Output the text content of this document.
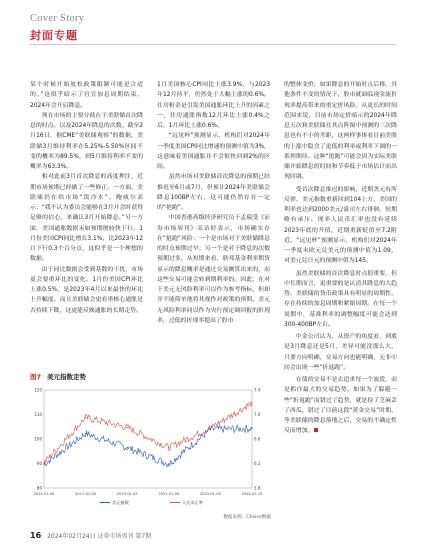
Cover Story
封面专题

某个时候开始放松政策限制可能是合适的。”这似乎暗示了官宣加息周期结束，2024年会开启降息。

现在市场的主要分歧在于美联储首次降息的时点。以及2024年降息的次数。截至2月16日，据CME“美联储观察”的数据，美联储3月维持利率在5.25%-5.50%区间不变的概率为89.5%，到5月维持利率不变的概率为63.3%。

相对此前3月首次降息的高度押注，近期市场预期已经做了一些修正。一方面，美联储仍在给市场“泼冷水”。鲍威尔表示：“我不认为委员会能够在3月开会时获得足够的信心，来确认3月开始降息。”另一方面，美国通胀数据未如预期般较快下行。1月份美国CPI同比增长3.1%，比2023年12月下行0.3个百分点，这似乎是一个理想的数据。

由于同比数据会受到基数的干扰，市场更会要重环比的变化。1月份美国CPI环比上涨0.5%，是2023年4月以来最快的环比上升幅度。而且美联储会更看重核心通胀是否持续下降，这更能反映通胀的长期走势。

1月美国核心CPI同比上涨3.9%，与2023年12月持平，仍然处于大幅上涨的0.6%。住房租金是引发美国通胀环比上升的因素之一，住房通胀指数12月环比上涨0.4%之后，1月环比上涨0.6%。

“远见杯”预测显示，机构们对2024年一季度美国CPI同比增速的预测中值为3%，这意味着美国通胀并不会很快回到2%的区间。

虽然市场对美联储首次降息的预期已经推迟至6月或7月，但预计2024年美联储会降息100BP左右，这可能仍然存在一定的“抢跑”。

中国香港高级经济研究员于孟瑞受《证券市场周刊》采访时表示，市场确实存在“抢跑”风险：一个是市场对于美联储降息的时点预期过早；另一个是对于降息的次数预期过多。从短期来看，联邦基金利率期货显示的降息概率是通过交易侧算出来的，而这些交易可能会转到期利率的。因此，在对于美元无风险利率可以作为参考指标，但却并不能简单地将其视作对政策的预期。美元无风险利率同以作为央行预定调回报的折现率，过低的折现率提高了股市

的整体变价，如果降息的开始时点后移，其他条件不变的情况下，股市就面临现金流折现率提高带来的重定价风险。从更长的时间范围来说，目前市场定价暗示的2024年降息五次和美联储在其点阵图中预测的三次降息也有不小的差距，这两样事体看目前美股的上涨中隐含了更低的利率或利率下调的一系列期待。这种“抢跑”可能会因为实际美联储开始降息的时间和节奏低于市场估计而出现回调。

受首次降息推迟的影响，近期美元有所反弹，美元指数重新回到104上方，美国的利率也达到2000美元/盎司左右徘徊，短期略有承压。现率人民币汇率也没有延续2023年底的升值，近期重新贬值至7.2附近。“远见杯”预测显示，机构们对2024年一季度末欧元兑美元的预测中值为1.09，对美元兑日元的预测中值为145。

虽然美联储的首次降息时点很重要，但中长期而言，更重要的是认清其降息的大趋势。美联储的货币政策具有明显的周期性，存在持续的加息周期和紧缩周期。在每一个周期中，基准利率的调整幅度可能会达到300-400BP左右。

中金公司认为，从资产的角度看，到底是3月降息还是5月，差异可能没那么大，只要方向明确，交易方向也能明确，无非中间会出现一些“折返跑”。

在债的交易不是去追求每一个波段，而是抓住最大的交易趋势。如果为了躲避一些“折返跑”而错过了趋势，就是捡了芝麻丢了西瓜。错过了目前这段“黄金交易”时期，等美联储的降息落地之后，交易的不确定性反而增加。

图7 美元指数走势
80
90
100
110
120
5.8
6.2
6.6
7.0
7.4
2015-01-05	2017-01-05	2019-01-05	2021-01-05	2023-01-05	2024-02-15
美元指数	人民币汇率
数据来源：Choice数据
16 2024年02月24日 证券市场周刊 第7期
